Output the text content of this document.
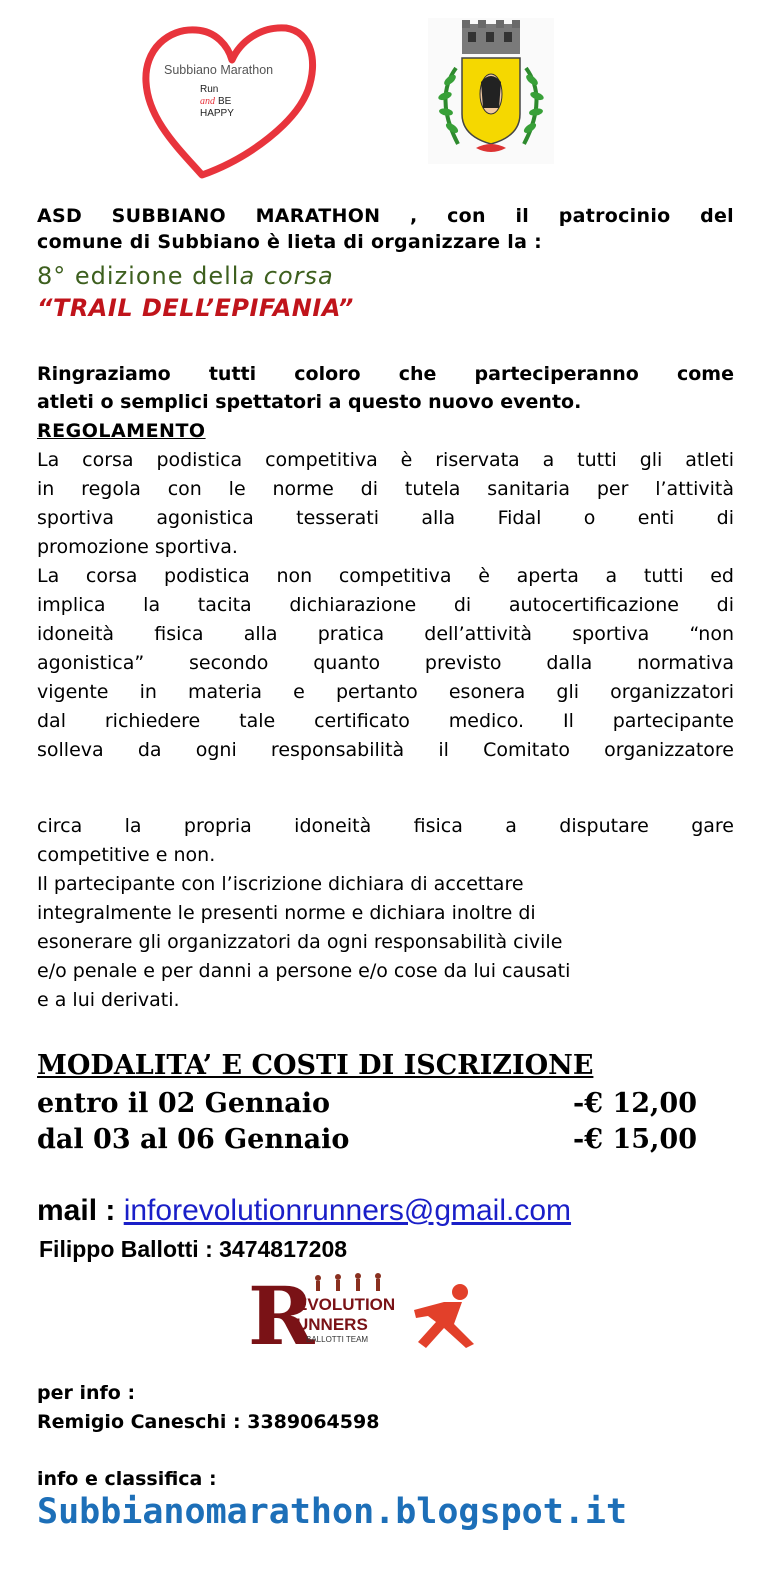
Subbiano Marathon
Run
and BE
HAPPY
ASD SUBBIANO MARATHON , con il patrocinio del
comune di Subbiano è lieta di organizzare la :
8° edizione della corsa
“TRAIL DELL’EPIFANIA”
Ringraziamo tutti coloro che parteciperanno come
atleti o semplici spettatori a questo nuovo evento.
REGOLAMENTO
La corsa podistica competitiva è riservata a tutti gli atleti
in regola con le norme di tutela sanitaria per l’attività
sportiva agonistica tesserati alla Fidal o enti di
promozione sportiva.
La corsa podistica non competitiva è aperta a tutti ed
implica la tacita dichiarazione di autocertificazione di
idoneità fisica alla pratica dell’attività sportiva “non
agonistica” secondo quanto previsto dalla normativa
vigente in materia e pertanto esonera gli organizzatori
dal richiedere tale certificato medico. Il partecipante
solleva da ogni responsabilità il Comitato organizzatore
circa la propria idoneità fisica a disputare gare
competitive e non.
Il partecipante con l’iscrizione dichiara di accettare
integralmente le presenti norme e dichiara inoltre di
esonerare gli organizzatori da ogni responsabilità civile
e/o penale e per danni a persone e/o cose da lui causati
e a lui derivati.
MODALITA’ E COSTI DI ISCRIZIONE
entro il 02 Gennaio	-€ 12,00
dal 03 al 06 Gennaio	-€ 15,00
mail : inforevolutionrunners@gmail.com
Filippo Ballotti : 3474817208
R
EVOLUTION
UNNERS
BALLOTTI TEAM
per info :
Remigio Caneschi : 3389064598
info e classifica :
Subbianomarathon.blogspot.it
